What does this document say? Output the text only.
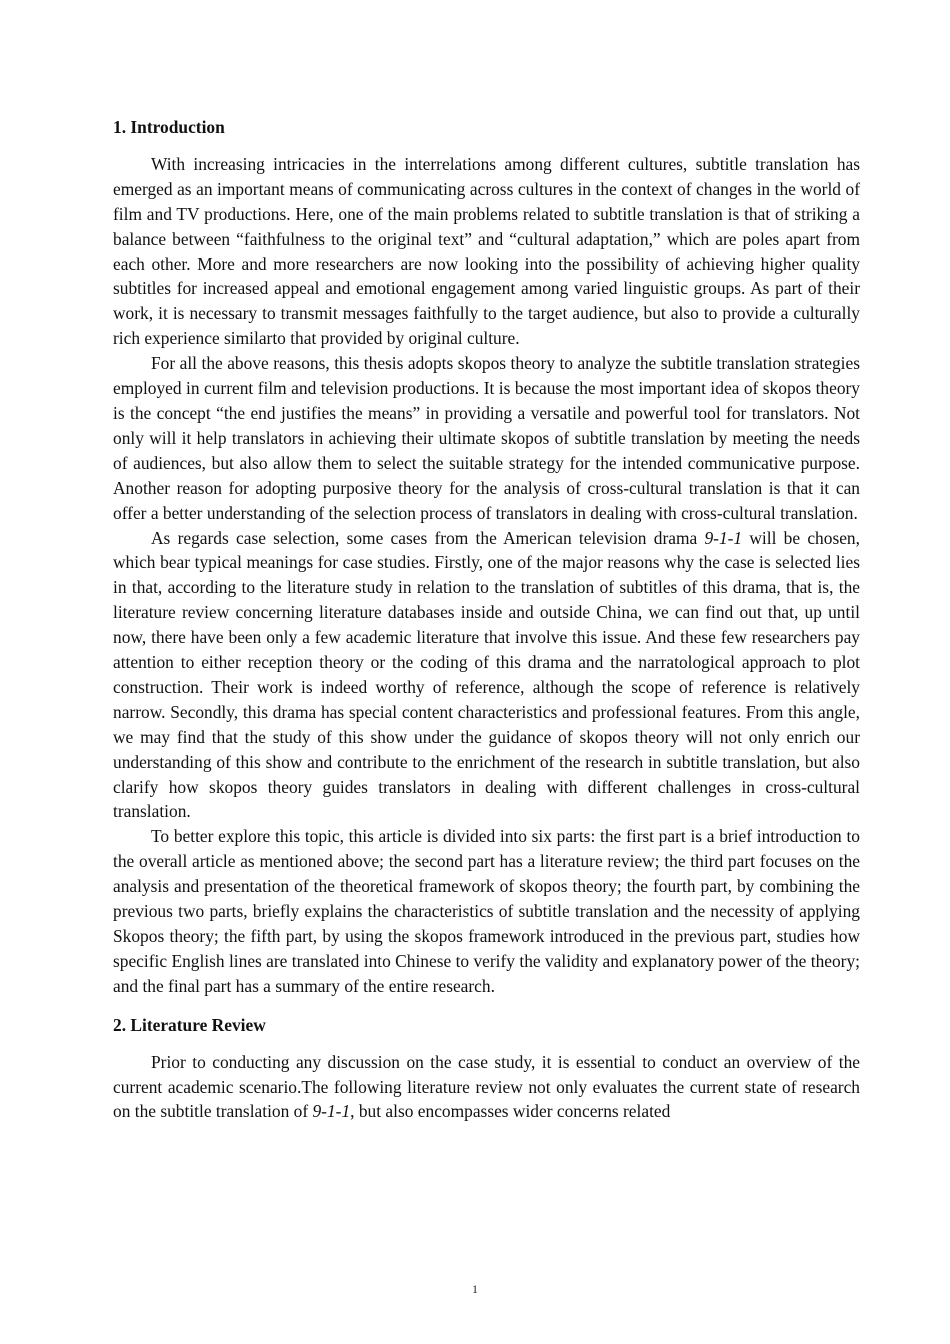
1. Introduction

With increasing intricacies in the interrelations among different cultures, subtitle translation has emerged as an important means of communicating across cultures in the context of changes in the world of film and TV productions. Here, one of the main problems related to subtitle translation is that of striking a balance between “faithfulness to the original text” and “cultural adaptation,” which are poles apart from each other. More and more researchers are now looking into the possibility of achieving higher quality subtitles for increased appeal and emotional engagement among varied linguistic groups. As part of their work, it is necessary to transmit messages faithfully to the target audience, but also to provide a culturally rich experience similarto that provided by original culture.

For all the above reasons, this thesis adopts skopos theory to analyze the subtitle translation strategies employed in current film and television productions. It is because the most important idea of skopos theory is the concept “the end justifies the means” in providing a versatile and powerful tool for translators. Not only will it help translators in achieving their ultimate skopos of subtitle translation by meeting the needs of audiences, but also allow them to select the suitable strategy for the intended communicative purpose. Another reason for adopting purposive theory for the analysis of cross-cultural translation is that it can offer a better understanding of the selection process of translators in dealing with cross-cultural translation.

As regards case selection, some cases from the American television drama 9-1-1 will be chosen, which bear typical meanings for case studies. Firstly, one of the major reasons why the case is selected lies in that, according to the literature study in relation to the translation of subtitles of this drama, that is, the literature review concerning literature databases inside and outside China, we can find out that, up until now, there have been only a few academic literature that involve this issue. And these few researchers pay attention to either reception theory or the coding of this drama and the narratological approach to plot construction. Their work is indeed worthy of reference, although the scope of reference is relatively narrow. Secondly, this drama has special content characteristics and professional features. From this angle, we may find that the study of this show under the guidance of skopos theory will not only enrich our understanding of this show and contribute to the enrichment of the research in subtitle translation, but also clarify how skopos theory guides translators in dealing with different challenges in cross-cultural translation.

To better explore this topic, this article is divided into six parts: the first part is a brief introduction to the overall article as mentioned above; the second part has a literature review; the third part focuses on the analysis and presentation of the theoretical framework of skopos theory; the fourth part, by combining the previous two parts, briefly explains the characteristics of subtitle translation and the necessity of applying Skopos theory; the fifth part, by using the skopos framework introduced in the previous part, studies how specific English lines are translated into Chinese to verify the validity and explanatory power of the theory; and the final part has a summary of the entire research.

2. Literature Review

Prior to conducting any discussion on the case study, it is essential to conduct an overview of the current academic scenario.The following literature review not only evaluates the current state of research on the subtitle translation of 9-1-1, but also encompasses wider concerns related

1
